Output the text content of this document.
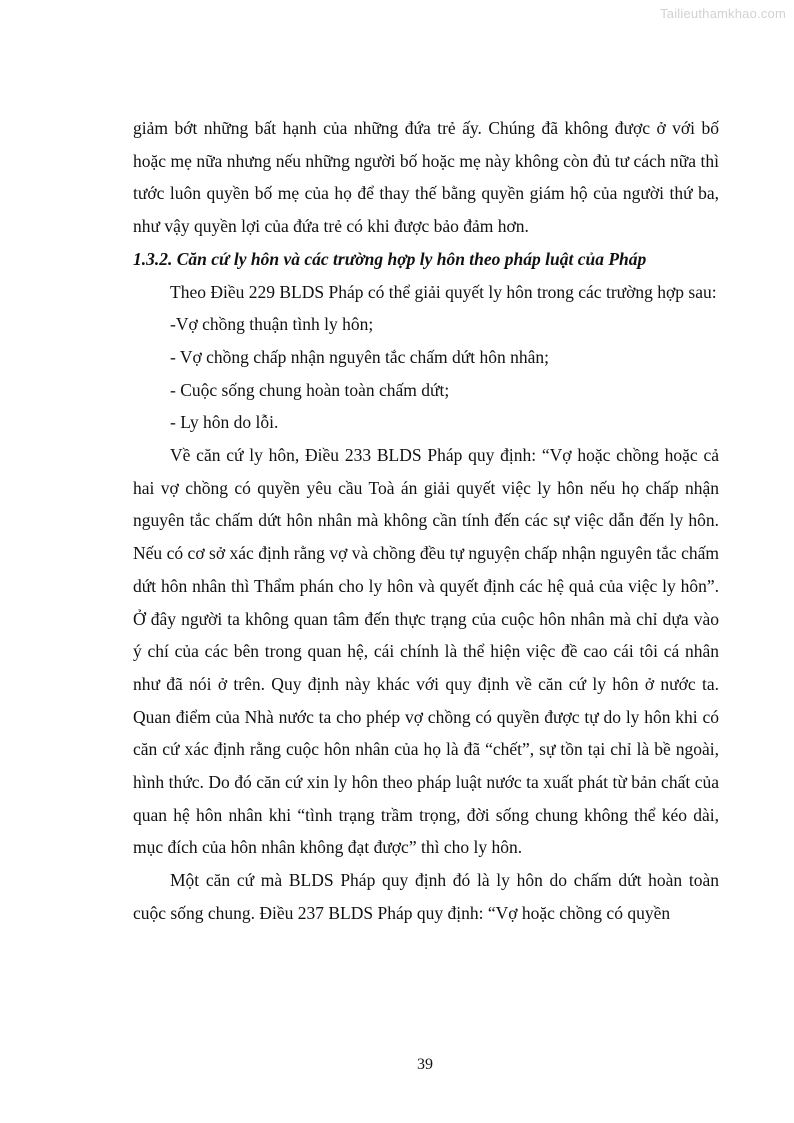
Tailieuthamkhao.com

giảm bớt những bất hạnh của những đứa trẻ ấy. Chúng đã không được ở với bố hoặc mẹ nữa nhưng nếu những người bố hoặc mẹ này không còn đủ tư cách nữa thì tước luôn quyền bố mẹ của họ để thay thế bằng quyền giám hộ của người thứ ba, như vậy quyền lợi của đứa trẻ có khi được bảo đảm hơn.

1.3.2. Căn cứ ly hôn và các trường hợp ly hôn theo pháp luật của Pháp

Theo Điều 229 BLDS Pháp có thể giải quyết ly hôn trong các trường hợp sau:

-Vợ chồng thuận tình ly hôn;

- Vợ chồng chấp nhận nguyên tắc chấm dứt hôn nhân;

- Cuộc sống chung hoàn toàn chấm dứt;

- Ly hôn do lỗi.

Về căn cứ ly hôn, Điều 233 BLDS Pháp quy định: “Vợ hoặc chồng hoặc cả hai vợ chồng có quyền yêu cầu Toà án giải quyết việc ly hôn nếu họ chấp nhận nguyên tắc chấm dứt hôn nhân mà không cần tính đến các sự việc dẫn đến ly hôn. Nếu có cơ sở xác định rằng vợ và chồng đều tự nguyện chấp nhận nguyên tắc chấm dứt hôn nhân thì Thẩm phán cho ly hôn và quyết định các hệ quả của việc ly hôn”. Ở đây người ta không quan tâm đến thực trạng của cuộc hôn nhân mà chỉ dựa vào ý chí của các bên trong quan hệ, cái chính là thể hiện việc đề cao cái tôi cá nhân như đã nói ở trên. Quy định này khác với quy định về căn cứ ly hôn ở nước ta. Quan điểm của Nhà nước ta cho phép vợ chồng có quyền được tự do ly hôn khi có căn cứ xác định rằng cuộc hôn nhân của họ là đã “chết”, sự tồn tại chỉ là bề ngoài, hình thức. Do đó căn cứ xin ly hôn theo pháp luật nước ta xuất phát từ bản chất của quan hệ hôn nhân khi “tình trạng trầm trọng, đời sống chung không thể kéo dài, mục đích của hôn nhân không đạt được” thì cho ly hôn.

Một căn cứ mà BLDS Pháp quy định đó là ly hôn do chấm dứt hoàn toàn cuộc sống chung. Điều 237 BLDS Pháp quy định: “Vợ hoặc chồng có quyền

39
